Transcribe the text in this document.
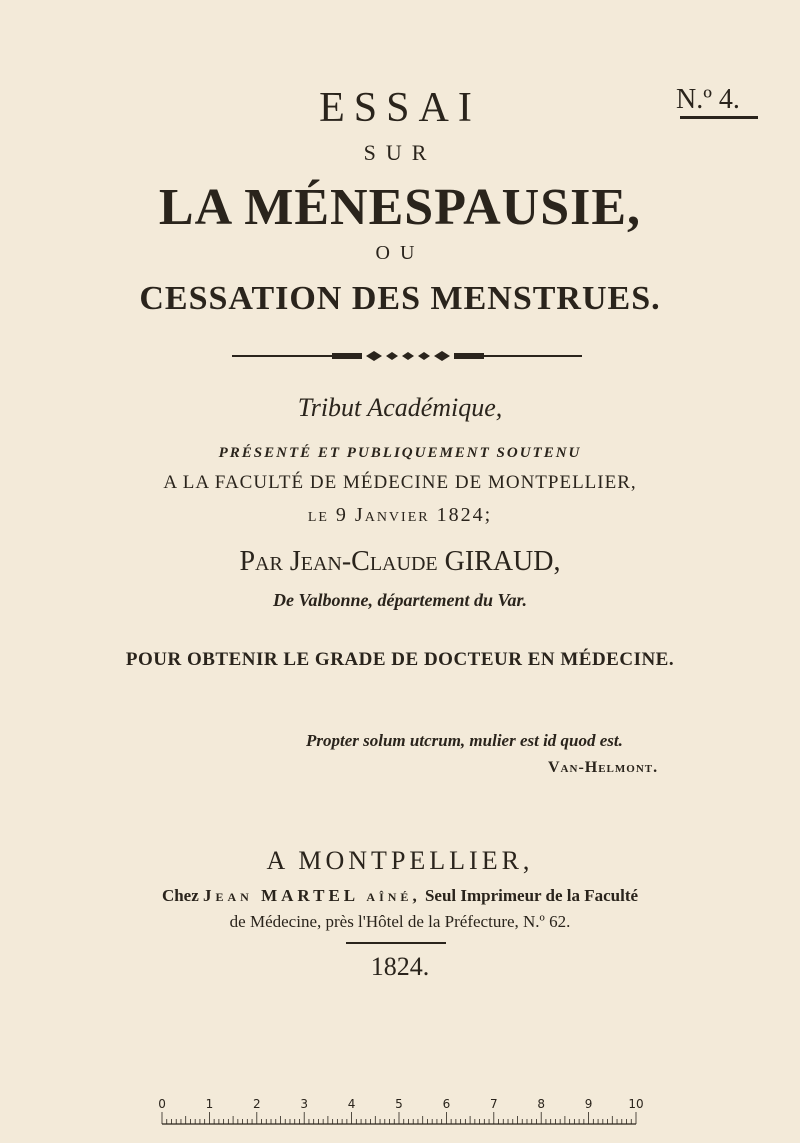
ESSAI	N.º 4.
SUR
LA MÉNESPAUSIE,
OU
CESSATION DES MENSTRUES.
Tribut Académique,
PRÉSENTÉ ET PUBLIQUEMENT SOUTENU
A LA FACULTÉ DE MÉDECINE DE MONTPELLIER,
le 9 Janvier 1824;
Par Jean-Claude GIRAUD,
De Valbonne, département du Var.
POUR OBTENIR LE GRADE DE DOCTEUR EN MÉDECINE.
Propter solum utcrum, mulier est id quod est.
Van-Helmont.
A MONTPELLIER,
Chez Jean MARTEL aîné, Seul Imprimeur de la Faculté
de Médecine, près l'Hôtel de la Préfecture, N.º 62.
1824.
0	1	2	3	4	5	6	7	8	9	10
